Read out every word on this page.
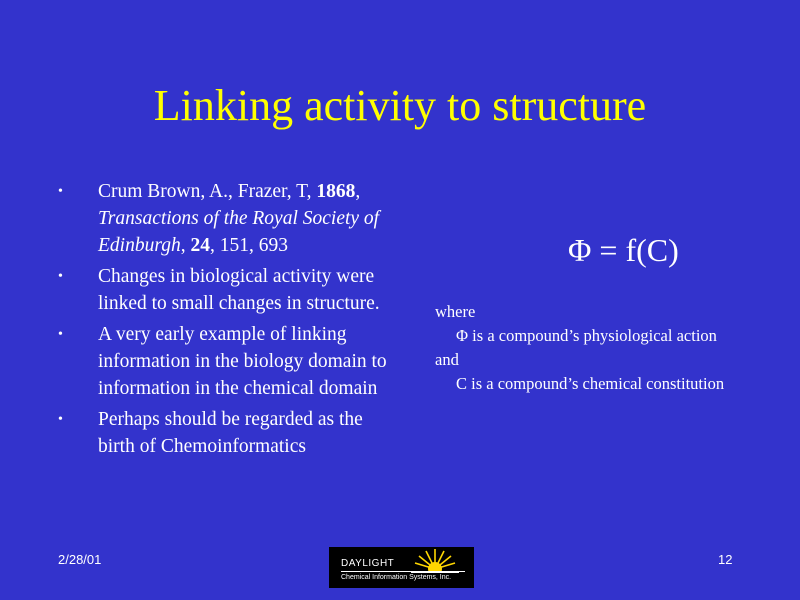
Linking activity to structure
•	Crum Brown, A., Frazer, T, 1868, Transactions of the Royal Society of Edinburgh, 24, 151, 693
•	Changes in biological activity were linked to small changes in structure.
•	A very early example of linking information in the biology domain to information in the chemical domain
•	Perhaps should be regarded as the birth of Chemoinformatics
Φ = f(C)
where
Φ is a compound’s physiological action
and
C is a compound’s chemical constitution
2/28/01	DAYLIGHT
Chemical Information Systems, Inc.
12
